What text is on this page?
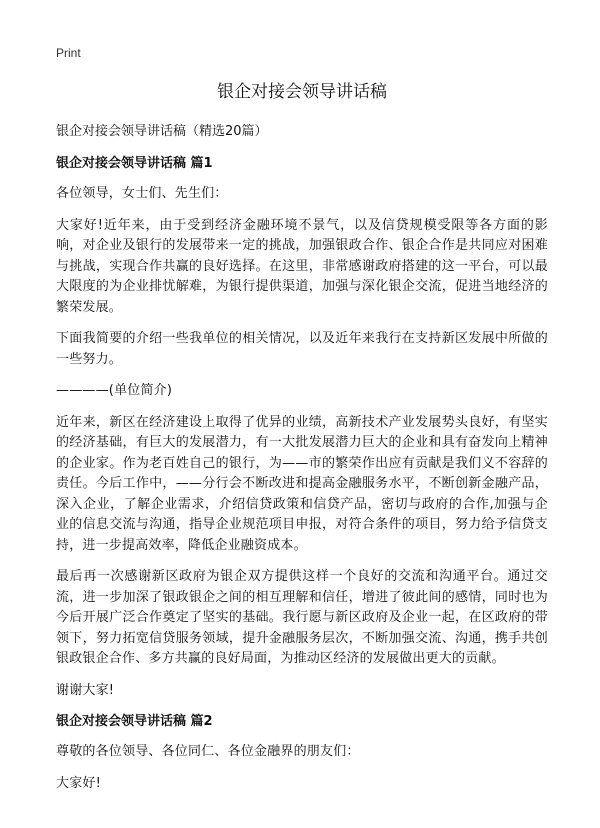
Print
银企对接会领导讲话稿
银企对接会领导讲话稿（精选20篇）
银企对接会领导讲话稿 篇1

各位领导，女士们、先生们：

大家好!近年来，由于受到经济金融环境不景气，以及信贷规模受限等各方面的影响，对企业及银行的发展带来一定的挑战，加强银政合作、银企合作是共同应对困难与挑战，实现合作共赢的良好选择。在这里，非常感谢政府搭建的这一平台，可以最大限度的为企业排忧解难，为银行提供渠道，加强与深化银企交流，促进当地经济的繁荣发展。

下面我简要的介绍一些我单位的相关情况，以及近年来我行在支持新区发展中所做的一些努力。

————(单位简介)

近年来，新区在经济建设上取得了优异的业绩，高新技术产业发展势头良好，有坚实的经济基础，有巨大的发展潜力，有一大批发展潜力巨大的企业和具有奋发向上精神的企业家。作为老百姓自己的银行，为——市的繁荣作出应有贡献是我们义不容辞的责任。今后工作中，——分行会不断改进和提高金融服务水平，不断创新金融产品，深入企业，了解企业需求，介绍信贷政策和信贷产品，密切与政府的合作,加强与企业的信息交流与沟通，指导企业规范项目申报，对符合条件的项目，努力给予信贷支持，进一步提高效率，降低企业融资成本。

最后再一次感谢新区政府为银企双方提供这样一个良好的交流和沟通平台。通过交流，进一步加深了银政银企之间的相互理解和信任，增进了彼此间的感情，同时也为今后开展广泛合作奠定了坚实的基础。我行愿与新区政府及企业一起，在区政府的带领下，努力拓宽信贷服务领域，提升金融服务层次，不断加强交流、沟通，携手共创银政银企合作、多方共赢的良好局面，为推动区经济的发展做出更大的贡献。

谢谢大家!

银企对接会领导讲话稿 篇2

尊敬的各位领导、各位同仁、各位金融界的朋友们：

大家好!
